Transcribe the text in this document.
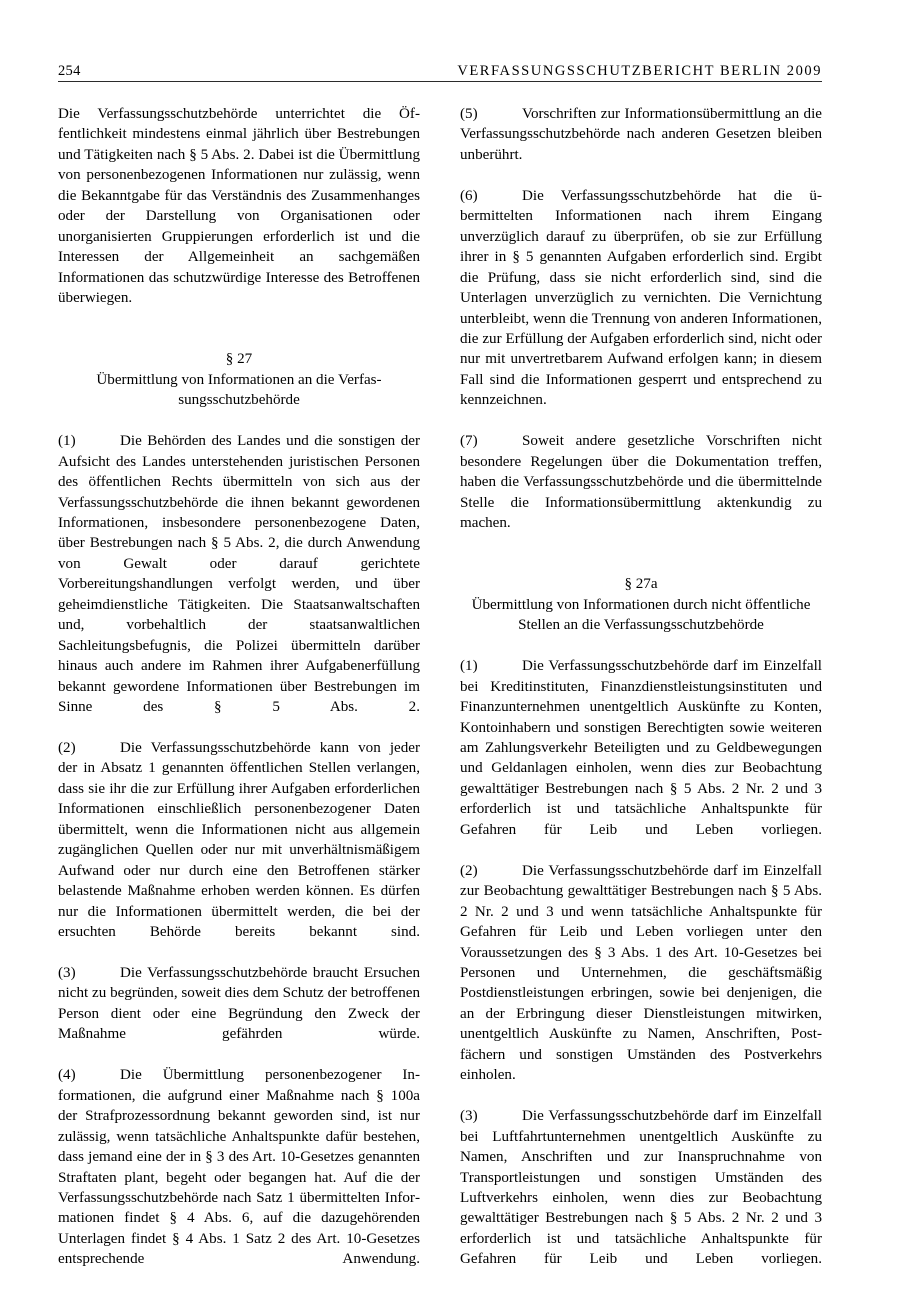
254	VERFASSUNGSSCHUTZBERICHT BERLIN 2009

Die Verfassungsschutzbehörde unterrichtet die Öffentlichkeit mindestens einmal jährlich über Bestrebungen und Tätigkeiten nach § 5 Abs. 2. Dabei ist die Übermittlung von personenbezogenen Informationen nur zulässig, wenn die Bekanntgabe für das Verständnis des Zusammenhanges oder der Darstellung von Organisationen oder unorganisierten Gruppierungen erforderlich ist und die Interessen der Allgemeinheit an sachgemäßen Informationen das schutzwürdige Interesse des Betroffenen überwiegen.

§ 27
Übermittlung von Informationen an die Verfassungsschutzbehörde

(1)	Die Behörden des Landes und die sonstigen der Aufsicht des Landes unterstehenden juristischen Personen des öffentlichen Rechts übermitteln von sich aus der Verfassungsschutzbehörde die ihnen bekannt gewordenen Informationen, insbesondere personenbezogene Daten, über Bestrebungen nach § 5 Abs. 2, die durch Anwendung von Gewalt oder darauf gerichtete Vorbereitungshandlungen verfolgt werden, und über geheimdienstliche Tätigkeiten. Die Staatsanwaltschaften und, vorbehaltlich der staatsanwaltlichen Sachleitungsbefugnis, die Polizei übermitteln darüber hinaus auch andere im Rahmen ihrer Aufgabenerfüllung bekannt gewordene Informationen über Bestrebungen im Sinne des § 5 Abs. 2.

(2)	Die Verfassungsschutzbehörde kann von jeder der in Absatz 1 genannten öffentlichen Stellen verlangen, dass sie ihr die zur Erfüllung ihrer Aufgaben erforderlichen Informationen einschließlich personenbezogener Daten übermittelt, wenn die Informationen nicht aus allgemein zugänglichen Quellen oder nur mit unverhältnismäßigem Aufwand oder nur durch eine den Betroffenen stärker belastende Maßnahme erhoben werden können. Es dürfen nur die Informationen übermittelt werden, die bei der ersuchten Behörde bereits bekannt sind.

(3)	Die Verfassungsschutzbehörde braucht Ersuchen nicht zu begründen, soweit dies dem Schutz der betroffenen Person dient oder eine Begründung den Zweck der Maßnahme gefährden würde.

(4)	Die Übermittlung personenbezogener Informationen, die aufgrund einer Maßnahme nach § 100a der Strafprozessordnung bekannt geworden sind, ist nur zulässig, wenn tatsächliche Anhaltspunkte dafür bestehen, dass jemand eine der in § 3 des Art. 10-Gesetzes genannten Straftaten plant, begeht oder begangen hat. Auf die der Verfassungsschutzbehörde nach Satz 1 übermittelten Informationen findet § 4 Abs. 6, auf die dazugehörenden Unterlagen findet § 4 Abs. 1 Satz 2 des Art. 10-Gesetzes entsprechende Anwendung.

(5)	Vorschriften zur Informationsübermittlung an die Verfassungsschutzbehörde nach anderen Gesetzen bleiben unberührt.

(6)	Die Verfassungsschutzbehörde hat die übermittelten Informationen nach ihrem Eingang unverzüglich darauf zu überprüfen, ob sie zur Erfüllung ihrer in § 5 genannten Aufgaben erforderlich sind. Ergibt die Prüfung, dass sie nicht erforderlich sind, sind die Unterlagen unverzüglich zu vernichten. Die Vernichtung unterbleibt, wenn die Trennung von anderen Informationen, die zur Erfüllung der Aufgaben erforderlich sind, nicht oder nur mit unvertretbarem Aufwand erfolgen kann; in diesem Fall sind die Informationen gesperrt und entsprechend zu kennzeichnen.

(7)	Soweit andere gesetzliche Vorschriften nicht besondere Regelungen über die Dokumentation treffen, haben die Verfassungsschutzbehörde und die übermittelnde Stelle die Informationsübermittlung aktenkundig zu machen.

§ 27a
Übermittlung von Informationen durch nicht öffentliche Stellen an die Verfassungsschutzbehörde

(1)	Die Verfassungsschutzbehörde darf im Einzelfall bei Kreditinstituten, Finanzdienstleistungsinstituten und Finanzunternehmen unentgeltlich Auskünfte zu Konten, Kontoinhabern und sonstigen Berechtigten sowie weiteren am Zahlungsverkehr Beteiligten und zu Geldbewegungen und Geldanlagen einholen, wenn dies zur Beobachtung gewalttätiger Bestrebungen nach § 5 Abs. 2 Nr. 2 und 3 erforderlich ist und tatsächliche Anhaltspunkte für Gefahren für Leib und Leben vorliegen.

(2)	Die Verfassungsschutzbehörde darf im Einzelfall zur Beobachtung gewalttätiger Bestrebungen nach § 5 Abs. 2 Nr. 2 und 3 und wenn tatsächliche Anhaltspunkte für Gefahren für Leib und Leben vorliegen unter den Voraussetzungen des § 3 Abs. 1 des Art. 10-Gesetzes bei Personen und Unternehmen, die geschäftsmäßig Postdienstleistungen erbringen, sowie bei denjenigen, die an der Erbringung dieser Dienstleistungen mitwirken, unentgeltlich Auskünfte zu Namen, Anschriften, Postfächern und sonstigen Umständen des Postverkehrs einholen.

(3)	Die Verfassungsschutzbehörde darf im Einzelfall bei Luftfahrtunternehmen unentgeltlich Auskünfte zu Namen, Anschriften und zur Inanspruchnahme von Transportleistungen und sonstigen Umständen des Luftverkehrs einholen, wenn dies zur Beobachtung gewalttätiger Bestrebungen nach § 5 Abs. 2 Nr. 2 und 3 erforderlich ist und tatsächliche Anhaltspunkte für Gefahren für Leib und Leben vorliegen.
